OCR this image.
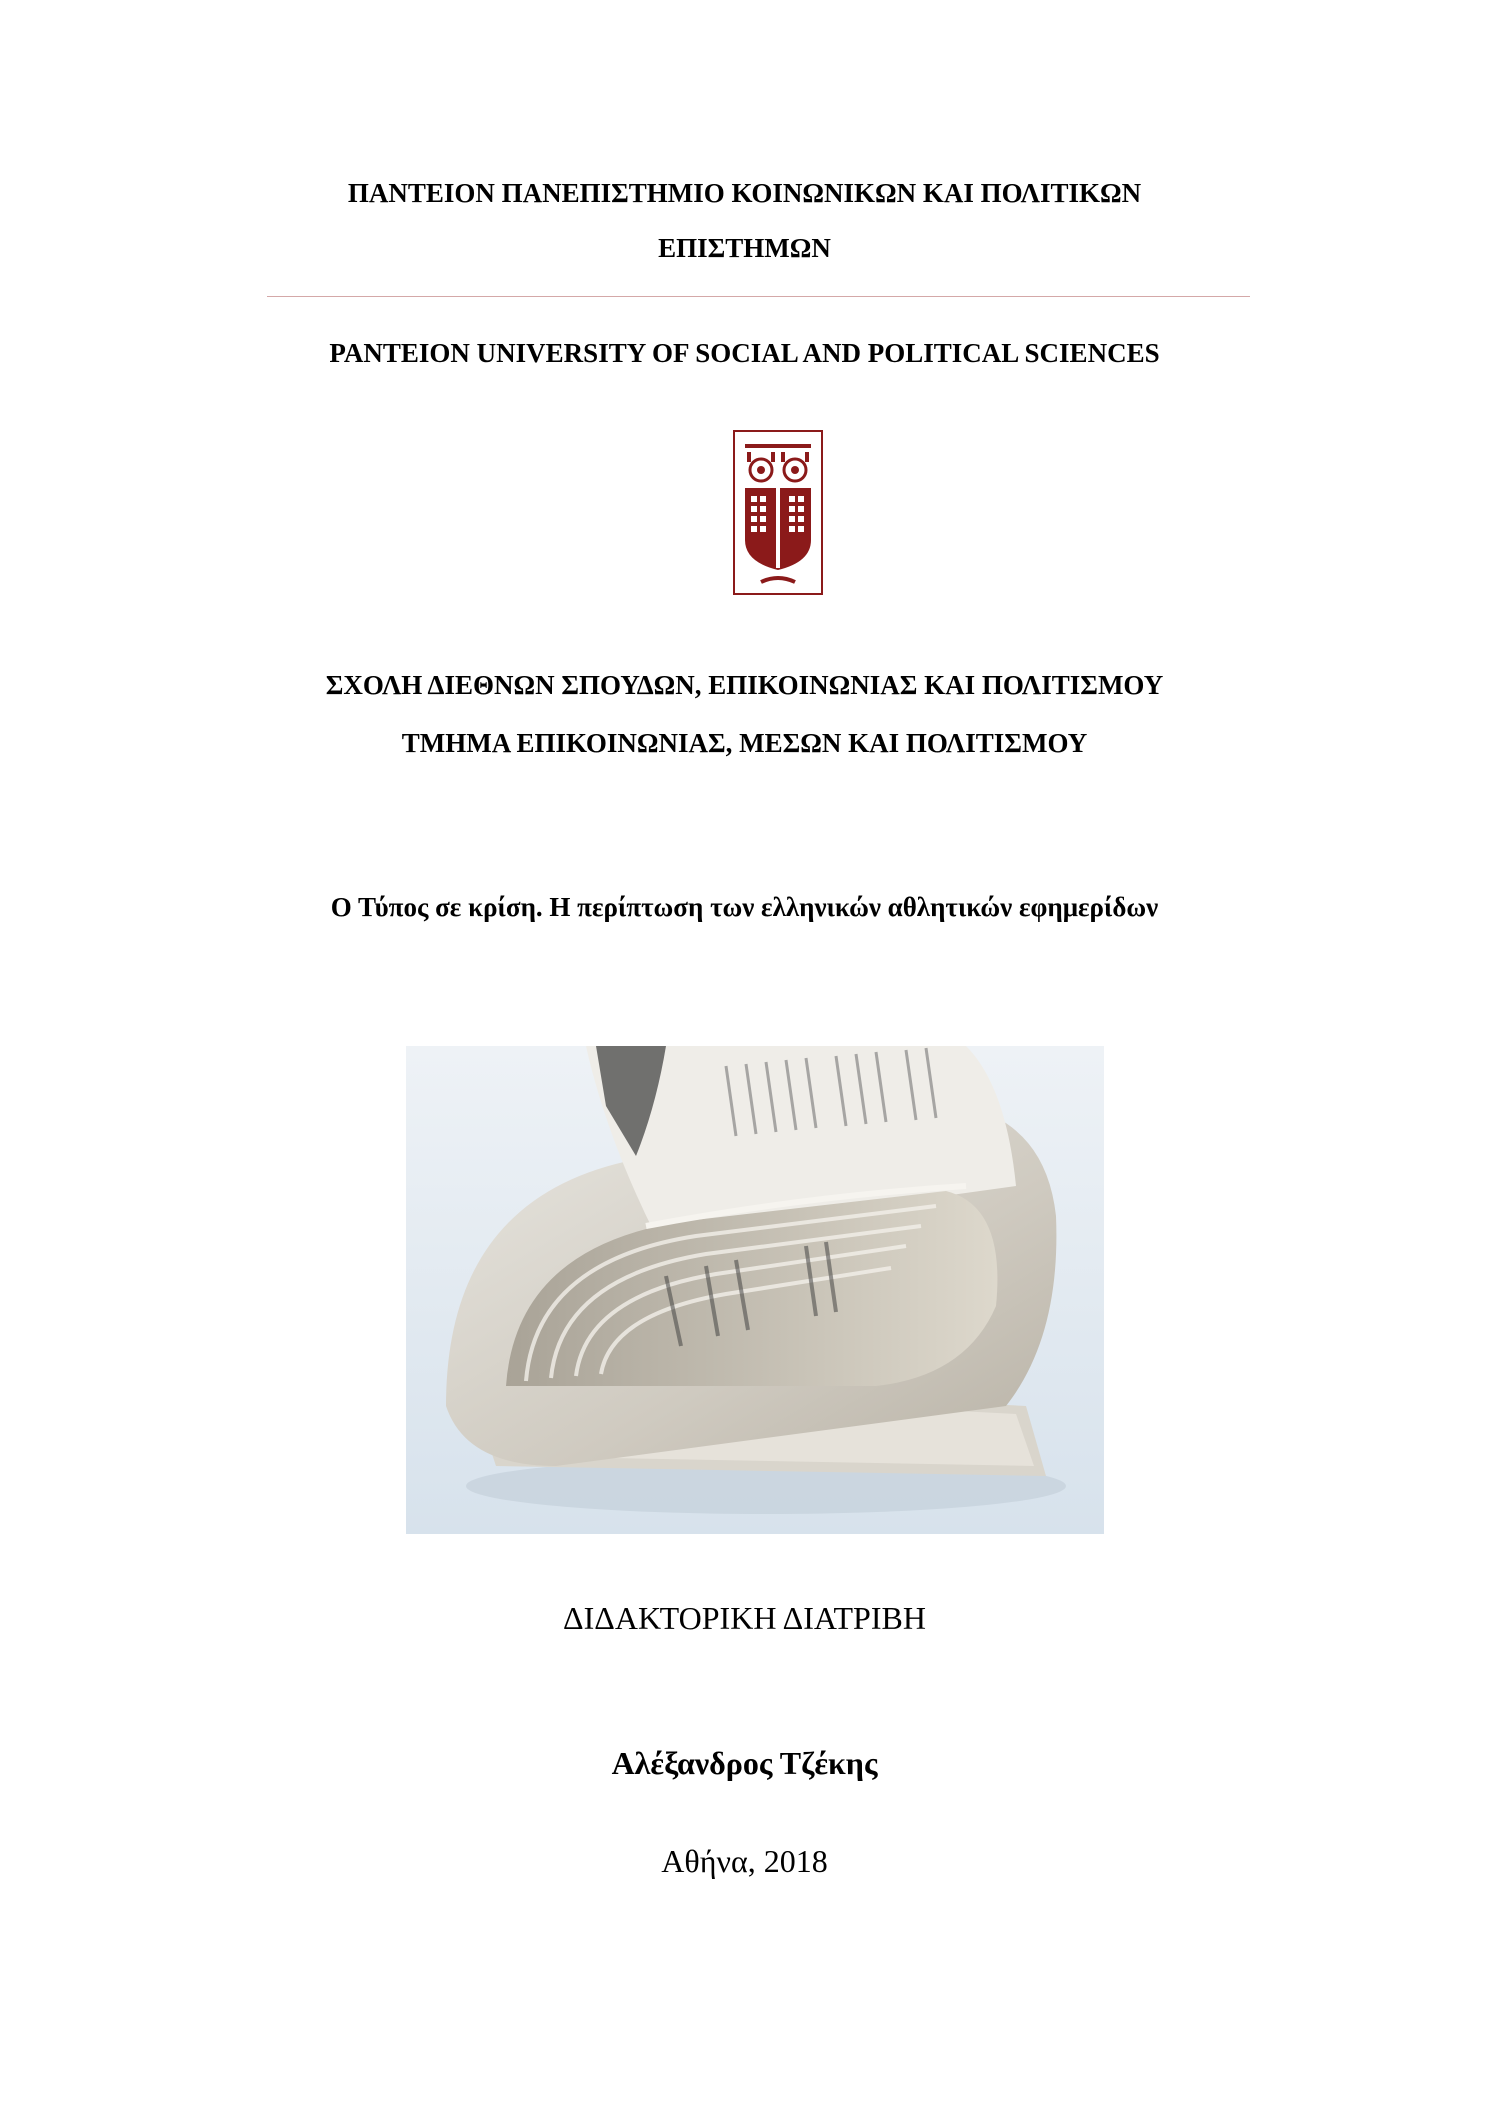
ΠΑΝΤΕΙΟΝ ΠΑΝΕΠΙΣΤΗΜΙΟ ΚΟΙΝΩΝΙΚΩΝ ΚΑΙ ΠΟΛΙΤΙΚΩΝ
ΕΠΙΣΤΗΜΩΝ
PANTEION UNIVERSITY OF SOCIAL AND POLITICAL SCIENCES
ΣΧΟΛΗ ΔΙΕΘΝΩΝ ΣΠΟΥΔΩΝ, ΕΠΙΚΟΙΝΩΝΙΑΣ ΚΑΙ ΠΟΛΙΤΙΣΜΟΥ
ΤΜΗΜΑ ΕΠΙΚΟΙΝΩΝΙΑΣ, ΜΕΣΩΝ ΚΑΙ ΠΟΛΙΤΙΣΜΟΥ
Ο Τύπος σε κρίση. Η περίπτωση των ελληνικών αθλητικών εφημερίδων
ΔΙΔΑΚΤΟΡΙΚΗ ΔΙΑΤΡΙΒΗ
Αλέξανδρος Τζέκης
Αθήνα, 2018
